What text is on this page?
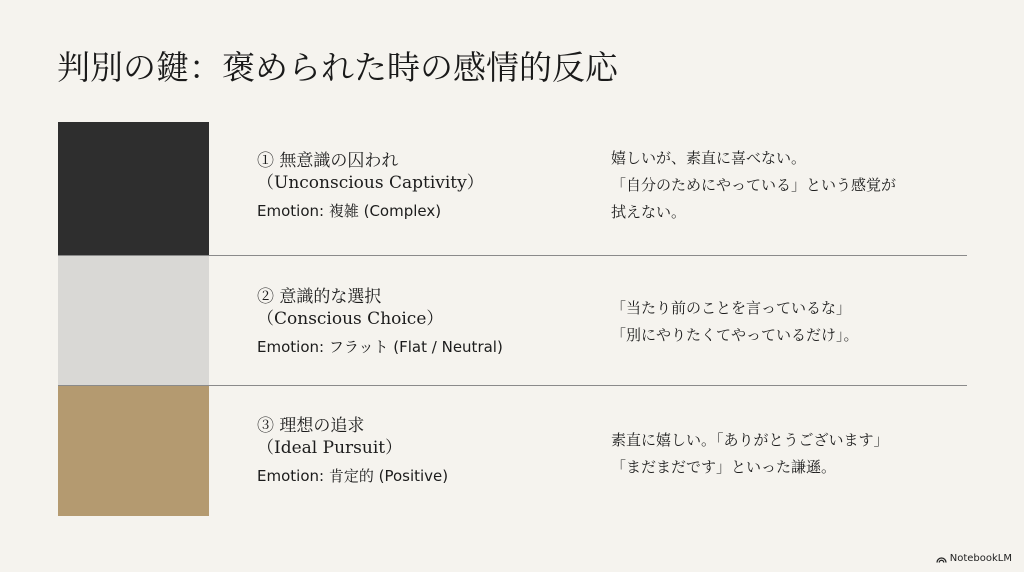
判別の鍵：褒められた時の感情的反応
① 無意識の囚われ
（Unconscious Captivity）
Emotion: 複雑 (Complex)
嬉しいが、素直に喜べない。
「自分のためにやっている」という感覚が
拭えない。
② 意識的な選択
（Conscious Choice）
Emotion: フラット (Flat / Neutral)
「当たり前のことを言っているな」
「別にやりたくてやっているだけ」。
③ 理想の追求
（Ideal Pursuit）
Emotion: 肯定的 (Positive)
素直に嬉しい。「ありがとうございます」
「まだまだです」といった謙遜。
NotebookLM
